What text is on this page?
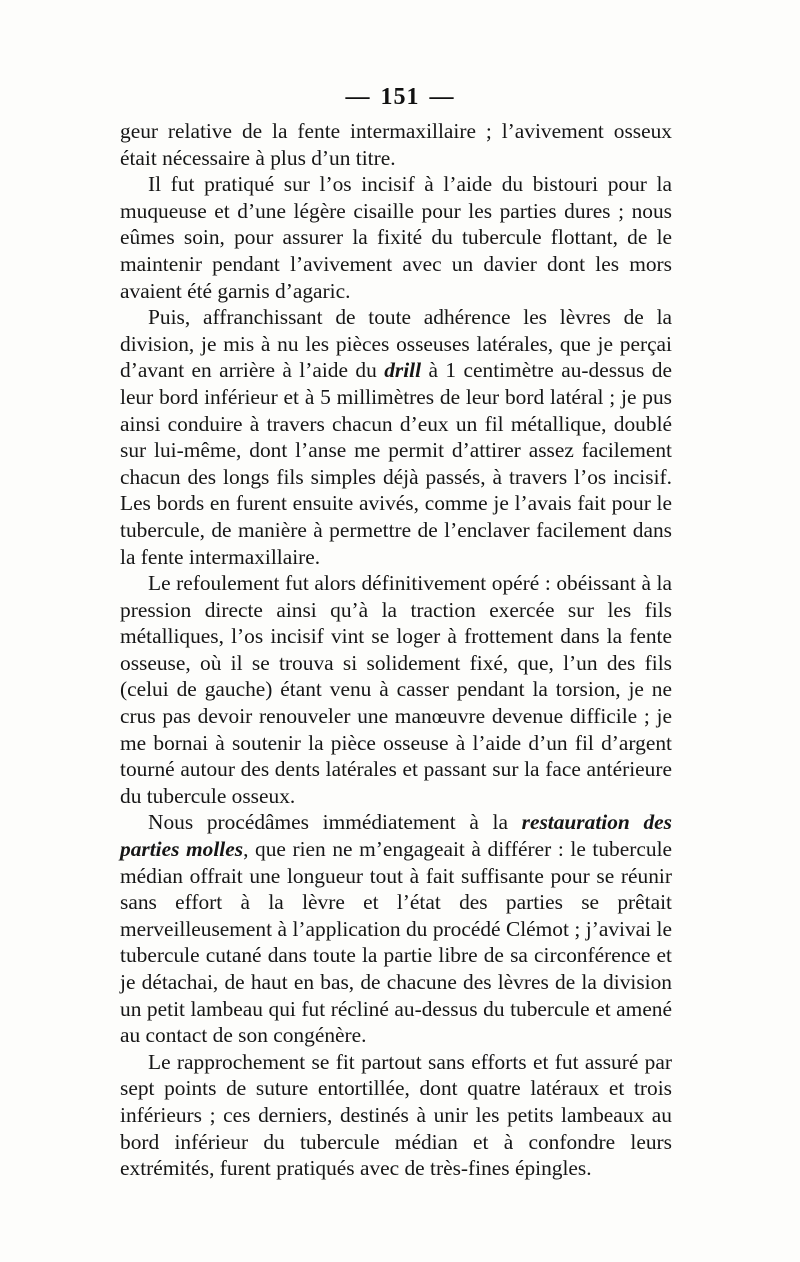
— 151 —

geur relative de la fente intermaxillaire ; l’avivement osseux était nécessaire à plus d’un titre.

Il fut pratiqué sur l’os incisif à l’aide du bistouri pour la muqueuse et d’une légère cisaille pour les parties dures ; nous eûmes soin, pour assurer la fixité du tubercule flottant, de le maintenir pendant l’avivement avec un davier dont les mors avaient été garnis d’agaric.

Puis, affranchissant de toute adhérence les lèvres de la division, je mis à nu les pièces osseuses latérales, que je perçai d’avant en arrière à l’aide du drill à 1 centimètre au-dessus de leur bord inférieur et à 5 millimètres de leur bord latéral ; je pus ainsi conduire à travers chacun d’eux un fil métallique, doublé sur lui-même, dont l’anse me permit d’attirer assez facilement chacun des longs fils simples déjà passés, à travers l’os incisif. Les bords en furent ensuite avivés, comme je l’avais fait pour le tubercule, de manière à permettre de l’enclaver facilement dans la fente intermaxillaire.

Le refoulement fut alors définitivement opéré : obéissant à la pression directe ainsi qu’à la traction exercée sur les fils métalliques, l’os incisif vint se loger à frottement dans la fente osseuse, où il se trouva si solidement fixé, que, l’un des fils (celui de gauche) étant venu à casser pendant la torsion, je ne crus pas devoir renouveler une manœuvre devenue difficile ; je me bornai à soutenir la pièce osseuse à l’aide d’un fil d’argent tourné autour des dents latérales et passant sur la face antérieure du tubercule osseux.

Nous procédâmes immédiatement à la restauration des parties molles, que rien ne m’engageait à différer : le tubercule médian offrait une longueur tout à fait suffisante pour se réunir sans effort à la lèvre et l’état des parties se prêtait merveilleusement à l’application du procédé Clémot ; j’avivai le tubercule cutané dans toute la partie libre de sa circonférence et je détachai, de haut en bas, de chacune des lèvres de la division un petit lambeau qui fut récliné au-dessus du tubercule et amené au contact de son congénère.

Le rapprochement se fit partout sans efforts et fut assuré par sept points de suture entortillée, dont quatre latéraux et trois inférieurs ; ces derniers, destinés à unir les petits lambeaux au bord inférieur du tubercule médian et à confondre leurs extrémités, furent pratiqués avec de très-fines épingles.
